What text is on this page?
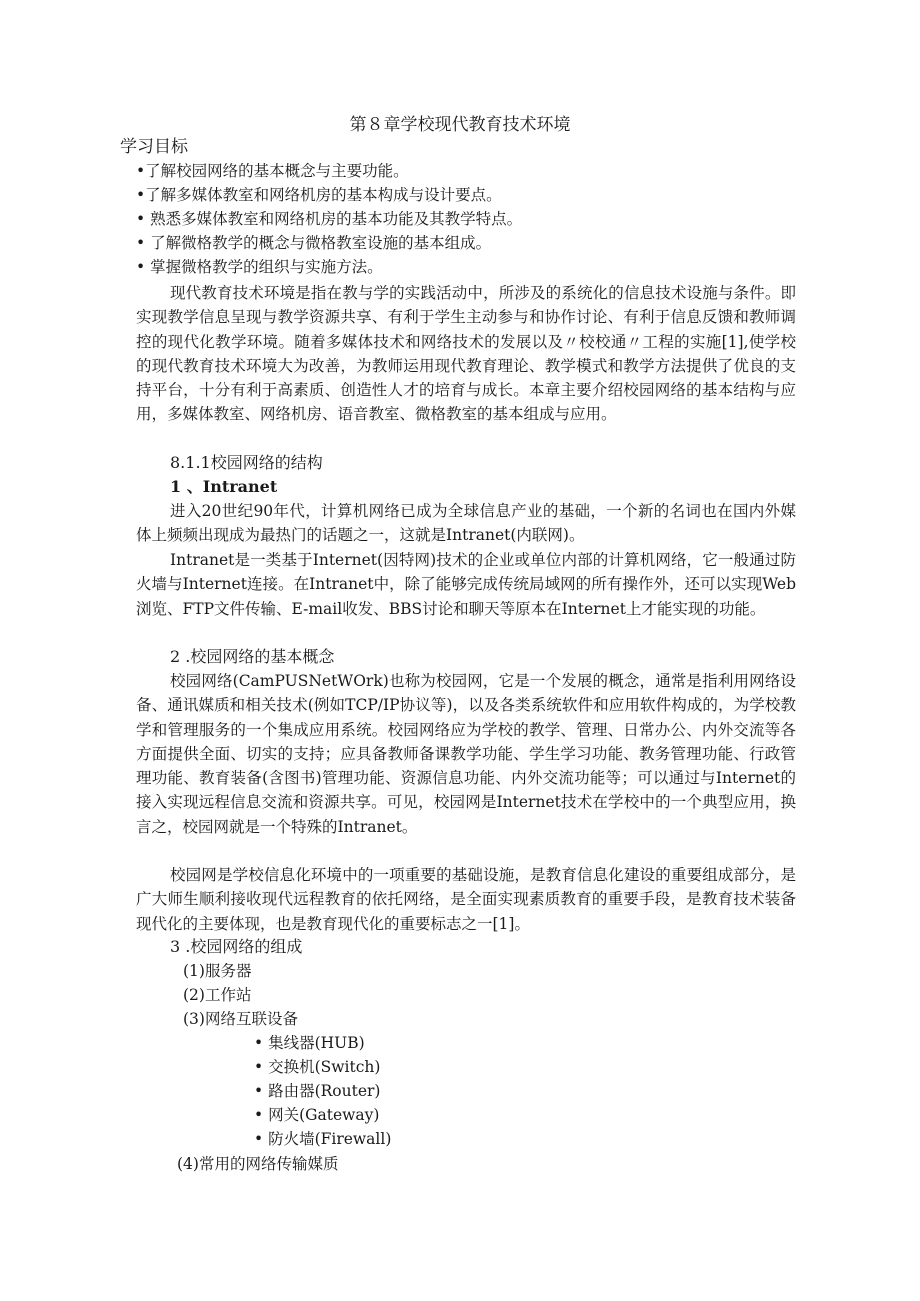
第８章学校现代教育技术环境
学习目标
•了解校园网络的基本概念与主要功能。
•了解多媒体教室和网络机房的基本构成与设计要点。
• 熟悉多媒体教室和网络机房的基本功能及其教学特点。
• 了解微格教学的概念与微格教室设施的基本组成。
• 掌握微格教学的组织与实施方法。

现代教育技术环境是指在教与学的实践活动中，所涉及的系统化的信息技术设施与条件。即实现教学信息呈现与教学资源共享、有利于学生主动参与和协作讨论、有利于信息反馈和教师调控的现代化教学环境。随着多媒体技术和网络技术的发展以及〃校校通〃工程的实施[1],使学校的现代教育技术环境大为改善，为教师运用现代教育理论、教学模式和教学方法提供了优良的支持平台，十分有利于高素质、创造性人才的培育与成长。本章主要介绍校园网络的基本结构与应用，多媒体教室、网络机房、语音教室、微格教室的基本组成与应用。

8.1.1校园网络的结构
1 、Intranet

进入20世纪90年代，计算机网络已成为全球信息产业的基础，一个新的名词也在国内外媒体上频频出现成为最热门的话题之一，这就是Intranet(内联网)。

Intranet是一类基于Internet(因特网)技术的企业或单位内部的计算机网络，它一般通过防火墙与Internet连接。在Intranet中，除了能够完成传统局域网的所有操作外，还可以实现Web浏览、FTP文件传输、E-mail收发、BBS讨论和聊天等原本在Internet上才能实现的功能。

2 .校园网络的基本概念

校园网络(CamPUSNetWOrk)也称为校园网，它是一个发展的概念，通常是指利用网络设备、通讯媒质和相关技术(例如TCP/IP协议等)，以及各类系统软件和应用软件构成的，为学校教学和管理服务的一个集成应用系统。校园网络应为学校的教学、管理、日常办公、内外交流等各方面提供全面、切实的支持；应具备教师备课教学功能、学生学习功能、教务管理功能、行政管理功能、教育装备(含图书)管理功能、资源信息功能、内外交流功能等；可以通过与Internet的接入实现远程信息交流和资源共享。可见，校园网是Internet技术在学校中的一个典型应用，换言之，校园网就是一个特殊的Intranet。

校园网是学校信息化环境中的一项重要的基础设施，是教育信息化建设的重要组成部分，是广大师生顺利接收现代远程教育的依托网络，是全面实现素质教育的重要手段，是教育技术装备现代化的主要体现，也是教育现代化的重要标志之一[1]。

3 .校园网络的组成
(1)服务器
(2)工作站
(3)网络互联设备
• 集线器(HUB)
• 交换机(Switch)
• 路由器(Router)
• 网关(Gateway)
• 防火墙(Firewall)
(4)常用的网络传输媒质
